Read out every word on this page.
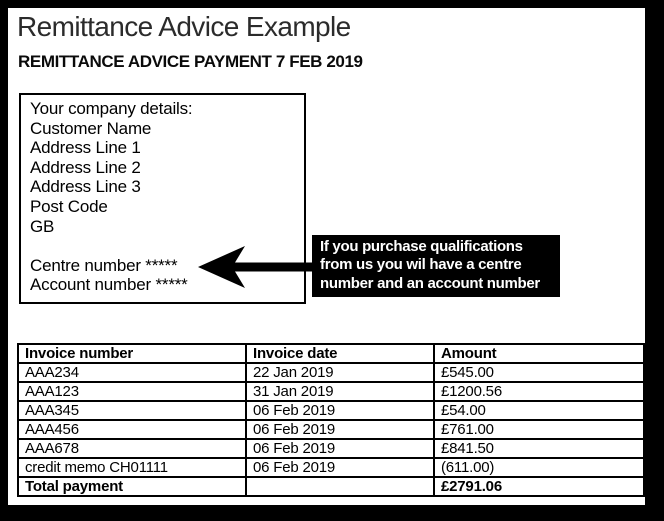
Remittance Advice Example
REMITTANCE ADVICE PAYMENT 7 FEB 2019
Your company details:
Customer Name
Address Line 1
Address Line 2
Address Line 3
Post Code
GB

Centre number *****
Account number *****
If you purchase qualifications
from us you wil have a centre
number and an account number
Invoice number	Invoice date	Amount
AAA234	22 Jan 2019	£545.00
AAA123	31 Jan 2019	£1200.56
AAA345	06 Feb 2019	£54.00
AAA456	06 Feb 2019	£761.00
AAA678	06 Feb 2019	£841.50
credit memo CH01111	06 Feb 2019	(611.00)
Total payment		£2791.06
